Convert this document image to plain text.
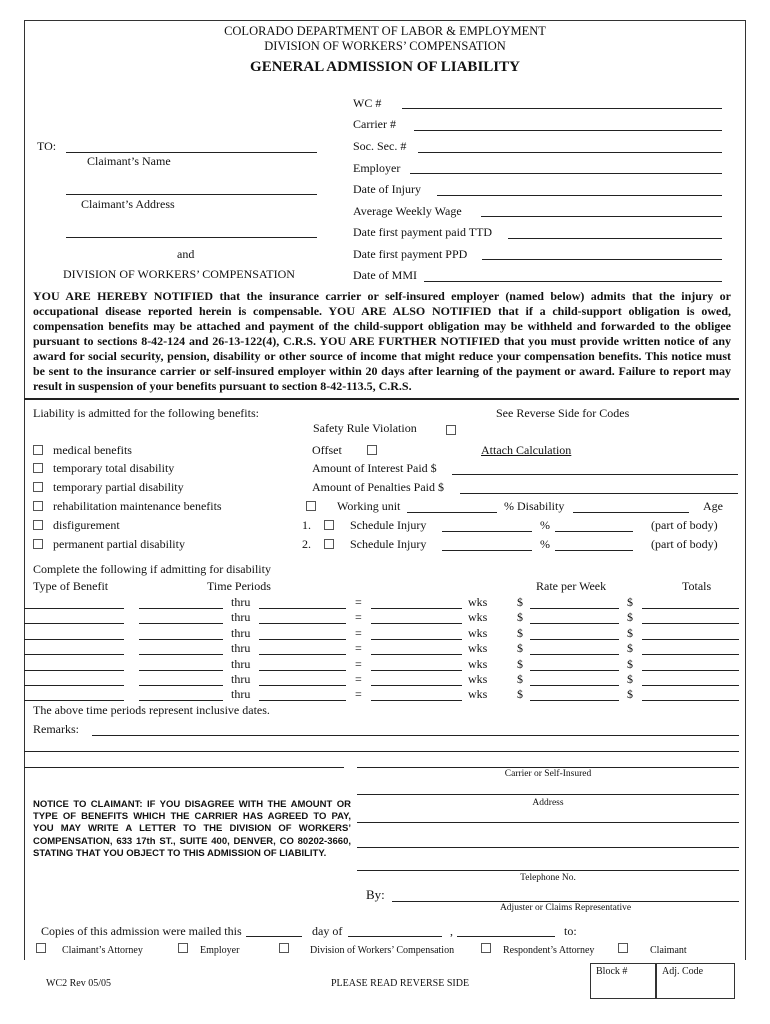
COLORADO DEPARTMENT OF LABOR & EMPLOYMENT
DIVISION OF WORKERS’ COMPENSATION
GENERAL ADMISSION OF LIABILITY
TO:
Claimant’s Name
Claimant’s Address
and
DIVISION OF WORKERS’ COMPENSATION
WC #
Carrier #
Soc. Sec. #
Employer
Date of Injury
Average Weekly Wage
Date first payment paid TTD
Date first payment PPD
Date of MMI
YOU ARE HEREBY NOTIFIED that the insurance carrier or self-insured employer (named below) admits that the injury or occupational disease reported herein is compensable. YOU ARE ALSO NOTIFIED that if a child-support obligation is owed, compensation benefits may be attached and payment of the child-support obligation may be withheld and forwarded to the obligee pursuant to sections 8-42-124 and 26-13-122(4), C.R.S. YOU ARE FURTHER NOTIFIED that you must provide written notice of any award for social security, pension, disability or other source of income that might reduce your compensation benefits. This notice must be sent to the insurance carrier or self-insured employer within 20 days after learning of the payment or award. Failure to report may result in suspension of your benefits pursuant to section 8-42-113.5, C.R.S.
Liability is admitted for the following benefits:	See Reverse Side for Codes
Safety Rule Violation
medical benefits
temporary total disability
temporary partial disability
rehabilitation maintenance benefits
disfigurement
permanent partial disability
Offset	Attach Calculation
Amount of Interest Paid $
Amount of Penalties Paid $
Working unit	% Disability	Age
1.	Schedule Injury	%	(part of body)
2.	Schedule Injury	%	(part of body)
Complete the following if admitting for disability
Type of Benefit	Time Periods	Rate per Week	Totals
thru	=	wks $	$
thru	=	wks $	$
thru	=	wks $	$
thru	=	wks $	$
thru	=	wks $	$
thru	=	wks $	$
thru	=	wks $	$
The above time periods represent inclusive dates.
Remarks:
Carrier or Self-Insured
Address
Telephone No.
By:
Adjuster or Claims Representative
NOTICE TO CLAIMANT: IF YOU DISAGREE WITH THE AMOUNT OR TYPE OF BENEFITS WHICH THE CARRIER HAS AGREED TO PAY, YOU MAY WRITE A LETTER TO THE DIVISION OF WORKERS’ COMPENSATION, 633 17th ST., SUITE 400, DENVER, CO 80202-3660, STATING THAT YOU OBJECT TO THIS ADMISSION OF LIABILITY.
Copies of this admission were mailed this	day of	,	to:
Claimant’s Attorney	Employer	Division of Workers’ Compensation	Respondent’s Attorney	Claimant
WC2 Rev 05/05	PLEASE READ REVERSE SIDE
Block #	Adj. Code
